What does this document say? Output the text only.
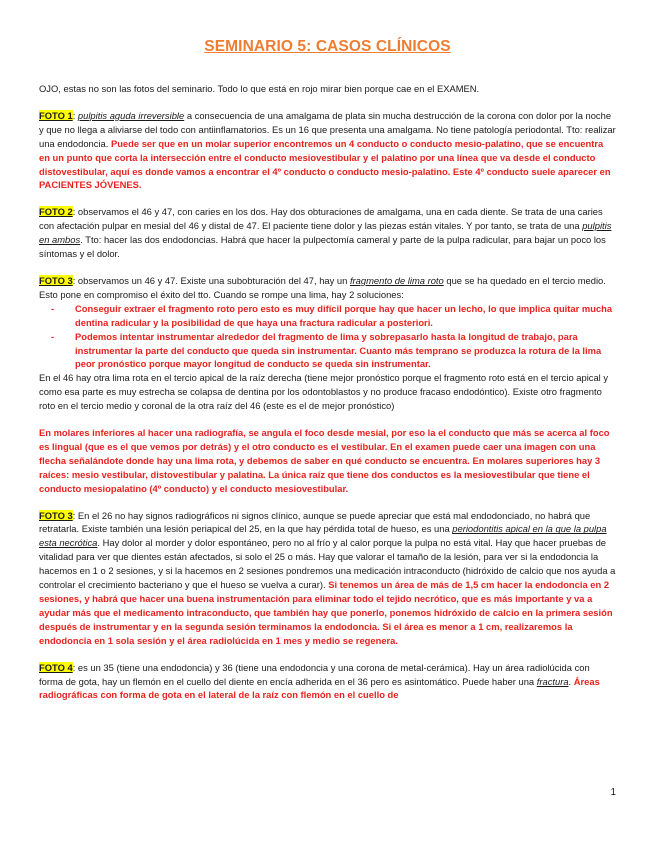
SEMINARIO 5: CASOS CLÍNICOS

OJO, estas no son las fotos del seminario. Todo lo que está en rojo mirar bien porque cae en el EXAMEN.

FOTO 1: pulpitis aguda irreversible a consecuencia de una amalgama de plata sin mucha destrucción de la corona con dolor por la noche y que no llega a aliviarse del todo con antiinflamatorios. Es un 16 que presenta una amalgama. No tiene patología periodontal. Tto: realizar una endodoncia. Puede ser que en un molar superior encontremos un 4 conducto o conducto mesio-palatino, que se encuentra en un punto que corta la intersección entre el conducto mesiovestibular y el palatino por una línea que va desde el conducto distovestibular, aquí es donde vamos a encontrar el 4º conducto o conducto mesio-palatino. Este 4º conducto suele aparecer en PACIENTES JÓVENES.

FOTO 2: observamos el 46 y 47, con caries en los dos. Hay dos obturaciones de amalgama, una en cada diente. Se trata de una caries con afectación pulpar en mesial del 46 y distal de 47. El paciente tiene dolor y las piezas están vitales. Y por tanto, se trata de una pulpitis en ambos. Tto: hacer las dos endodoncias. Habrá que hacer la pulpectomía cameral y parte de la pulpa radicular, para bajar un poco los síntomas y el dolor.

FOTO 3: observamos un 46 y 47. Existe una subobturación del 47, hay un fragmento de lima roto que se ha quedado en el tercio medio. Esto pone en compromiso el éxito del tto. Cuando se rompe una lima, hay 2 soluciones:

- Conseguir extraer el fragmento roto pero esto es muy difícil porque hay que hacer un lecho, lo que implica quitar mucha dentina radicular y la posibilidad de que haya una fractura radicular a posteriori.
- Podemos intentar instrumentar alrededor del fragmento de lima y sobrepasarlo hasta la longitud de trabajo, para instrumentar la parte del conducto que queda sin instrumentar. Cuanto más temprano se produzca la rotura de la lima peor pronóstico porque mayor longitud de conducto se queda sin instrumentar.

En el 46 hay otra lima rota en el tercio apical de la raíz derecha (tiene mejor pronóstico porque el fragmento roto está en el tercio apical y como esa parte es muy estrecha se colapsa de dentina por los odontoblastos y no produce fracaso endodóntico). Existe otro fragmento roto en el tercio medio y coronal de la otra raíz del 46 (este es el de mejor pronóstico)

En molares inferiores al hacer una radiografía, se angula el foco desde mesial, por eso la el conducto que más se acerca al foco es lingual (que es el que vemos por detrás) y el otro conducto es el vestibular. En el examen puede caer una imagen con una flecha señalándote donde hay una lima rota, y debemos de saber en qué conducto se encuentra. En molares superiores hay 3 raíces: mesio vestibular, distovestibular y palatina. La única raíz que tiene dos conductos es la mesiovestibular que tiene el conducto mesiopalatino (4º conducto) y el conducto mesiovestibular.

FOTO 3: En el 26 no hay signos radiográficos ni signos clínico, aunque se puede apreciar que está mal endodonciado, no habrá que retratarla. Existe también una lesión periapical del 25, en la que hay pérdida total de hueso, es una periodontitis apical en la que la pulpa esta necrótica. Hay dolor al morder y dolor espontáneo, pero no al frío y al calor porque la pulpa no está vital. Hay que hacer pruebas de vitalidad para ver que dientes están afectados, si solo el 25 o más. Hay que valorar el tamaño de la lesión, para ver si la endodoncia la hacemos en 1 o 2 sesiones, y si la hacemos en 2 sesiones pondremos una medicación intraconducto (hidróxido de calcio que nos ayuda a controlar el crecimiento bacteriano y que el hueso se vuelva a curar). Si tenemos un área de más de 1,5 cm hacer la endodoncia en 2 sesiones, y habrá que hacer una buena instrumentación para eliminar todo el tejido necrótico, que es más importante y va a ayudar más que el medicamento intraconducto, que también hay que ponerlo, ponemos hidróxido de calcio en la primera sesión después de instrumentar y en la segunda sesión terminamos la endodoncia. Si el área es menor a 1 cm, realizaremos la endodoncia en 1 sola sesión y el área radiolúcida en 1 mes y medio se regenera.

FOTO 4: es un 35 (tiene una endodoncia) y 36 (tiene una endodoncia y una corona de metal-cerámica). Hay un área radiolúcida con forma de gota, hay un flemón en el cuello del diente en encía adherida en el 36 pero es asintomático. Puede haber una fractura. Áreas radiográficas con forma de gota en el lateral de la raíz con flemón en el cuello de

1
